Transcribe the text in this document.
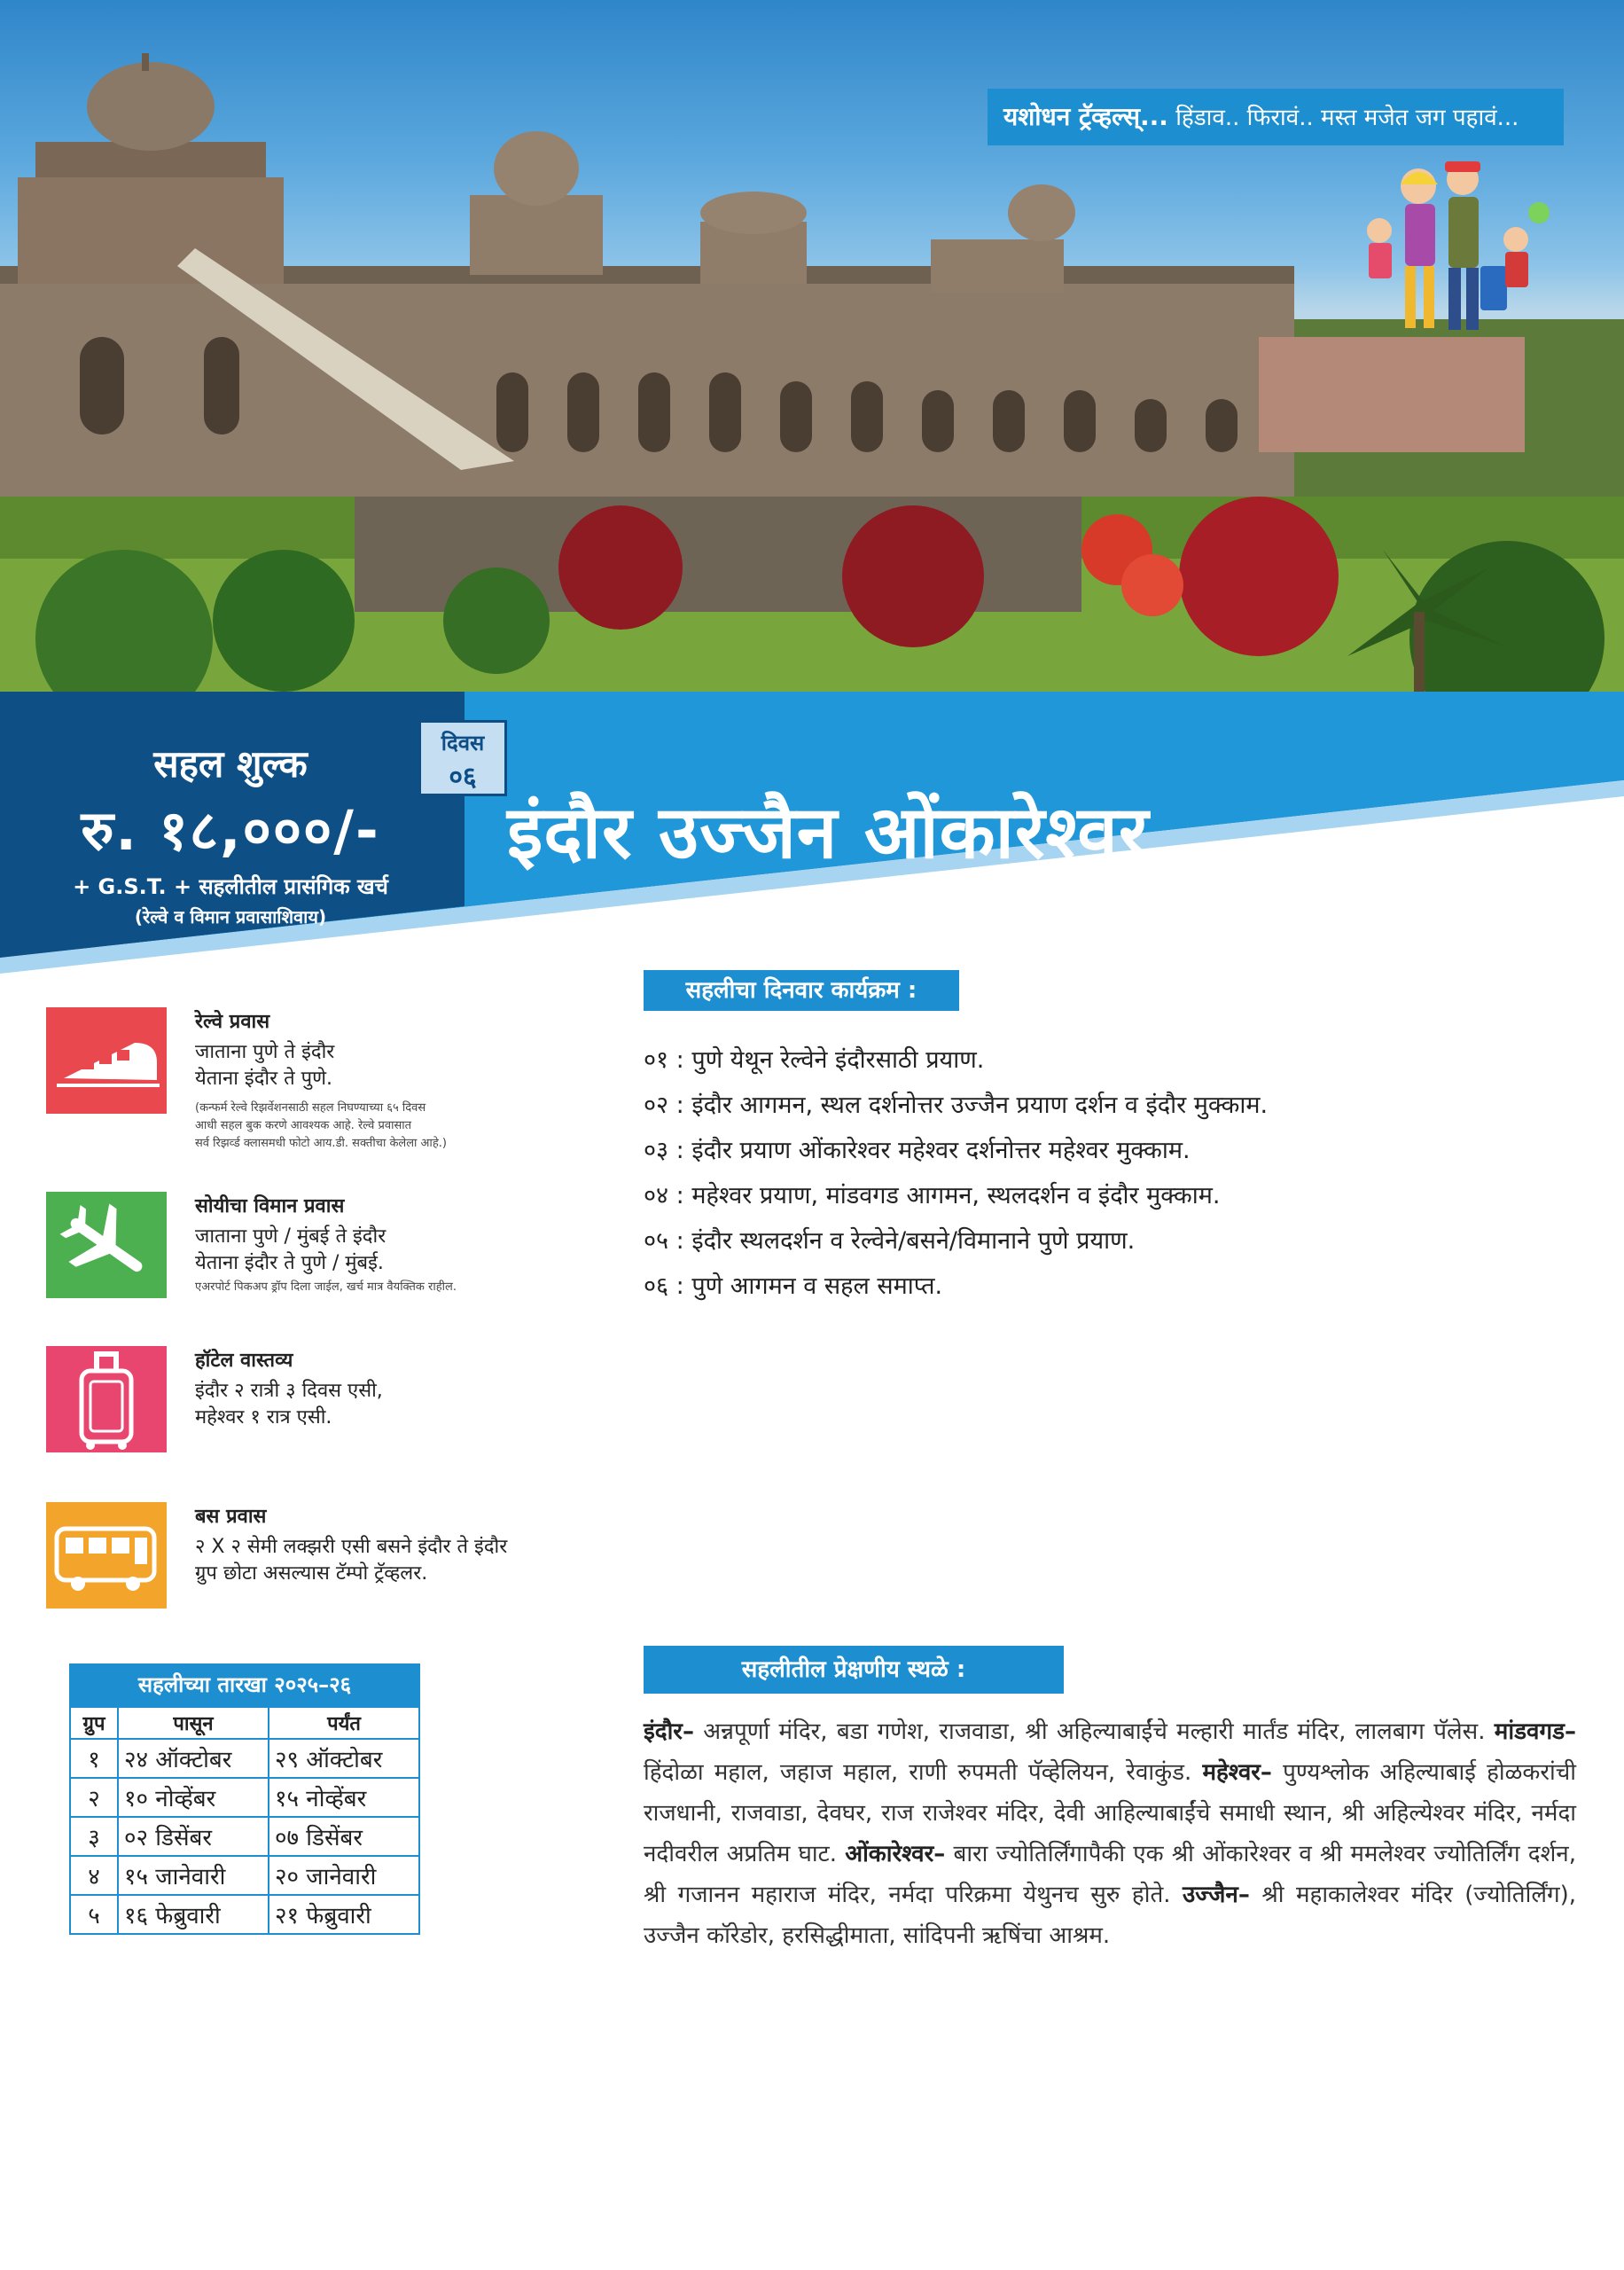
यशोधन ट्रॅव्हल्स्... हिंडाव.. फिरावं.. मस्त मजेत जग पहावं...
सहल शुल्क
रु. १८,०००/-
+ G.S.T. + सहलीतील प्रासंगिक खर्च
(रेल्वे व विमान प्रवासाशिवाय)
दिवस
०६
इंदौर उज्जैन ओंकारेश्वर
रेल्वे प्रवास
जाताना पुणे ते इंदौर
येताना इंदौर ते पुणे.
(कन्फर्म रेल्वे रिझर्वेशनसाठी सहल निघण्याच्या ६५ दिवस
आधी सहल बुक करणे आवश्यक आहे. रेल्वे प्रवासात
सर्व रिझर्व्ड क्लासमधी फोटो आय.डी. सक्तीचा केलेला आहे.)
सोयीचा विमान प्रवास
जाताना पुणे / मुंबई ते इंदौर
येताना इंदौर ते पुणे / मुंबई.
एअरपोर्ट पिकअप ड्रॉप दिला जाईल, खर्च मात्र वैयक्तिक राहील.
हॉटेल वास्तव्य
इंदौर २ रात्री ३ दिवस एसी,
महेश्वर १ रात्र एसी.
बस प्रवास
२ X २ सेमी लक्झरी एसी बसने इंदौर ते इंदौर
ग्रुप छोटा असल्यास टॅम्पो ट्रॅव्हलर.
सहलीचा दिनवार कार्यक्रम :
०१ : पुणे येथून रेल्वेने इंदौरसाठी प्रयाण.
०२ : इंदौर आगमन, स्थल दर्शनोत्तर उज्जैन प्रयाण दर्शन व इंदौर मुक्काम.
०३ : इंदौर प्रयाण ओंकारेश्वर महेश्वर दर्शनोत्तर महेश्वर मुक्काम.
०४ : महेश्वर प्रयाण, मांडवगड आगमन, स्थलदर्शन व इंदौर मुक्काम.
०५ : इंदौर स्थलदर्शन व रेल्वेने/बसने/विमानाने पुणे प्रयाण.
०६ : पुणे आगमन व सहल समाप्त.
सहलीच्या तारखा २०२५–२६
ग्रुप	पासून	पर्यंत
१	२४ ऑक्टोबर	२९ ऑक्टोबर
२	१० नोव्हेंबर	१५ नोव्हेंबर
३	०२ डिसेंबर	०७ डिसेंबर
४	१५ जानेवारी	२० जानेवारी
५	१६ फेब्रुवारी	२१ फेब्रुवारी
सहलीतील प्रेक्षणीय स्थळे :
इंदौर– अन्नपूर्णा मंदिर, बडा गणेश, राजवाडा, श्री अहिल्याबाईंचे मल्हारी मार्तंड मंदिर, लालबाग पॅलेस. मांडवगड– हिंदोळा महाल, जहाज महाल, राणी रुपमती पॅव्हेलियन, रेवाकुंड. महेश्वर– पुण्यश्लोक अहिल्याबाई होळकरांची राजधानी, राजवाडा, देवघर, राज राजेश्वर मंदिर, देवी आहिल्याबाईंचे समाधी स्थान, श्री अहिल्येश्वर मंदिर, नर्मदा नदीवरील अप्रतिम घाट. ओंकारेश्वर– बारा ज्योतिर्लिंगापैकी एक श्री ओंकारेश्वर व श्री ममलेश्वर ज्योतिर्लिंग दर्शन, श्री गजानन महाराज मंदिर, नर्मदा परिक्रमा येथुनच सुरु होते. उज्जैन– श्री महाकालेश्वर मंदिर (ज्योतिर्लिंग), उज्जैन कॉरेडोर, हरसिद्धीमाता, सांदिपनी ऋषिंचा आश्रम.
